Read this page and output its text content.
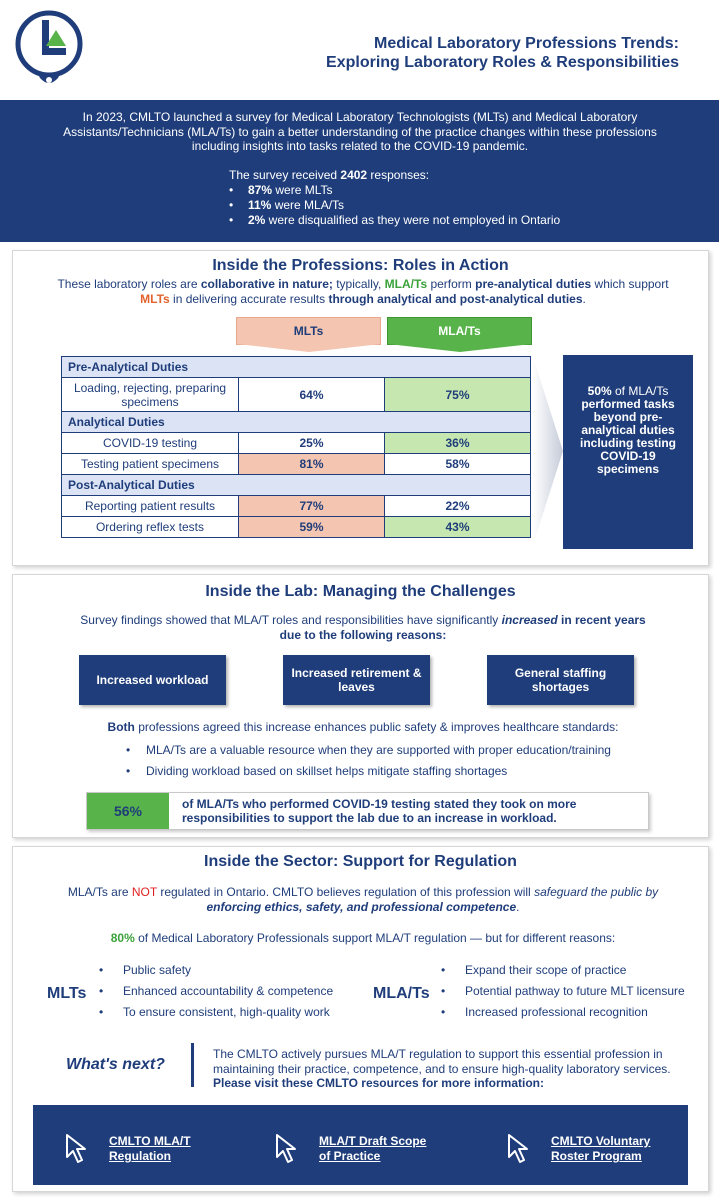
Medical Laboratory Professions Trends:
Exploring Laboratory Roles & Responsibilities

In 2023, CMLTO launched a survey for Medical Laboratory Technologists (MLTs) and Medical Laboratory Assistants/Technicians (MLA/Ts) to gain a better understanding of the practice changes within these professions including insights into tasks related to the COVID-19 pandemic.

The survey received 2402 responses:
• 87% were MLTs
• 11% were MLA/Ts
• 2% were disqualified as they were not employed in Ontario
Inside the Professions: Roles in Action
These laboratory roles are collaborative in nature; typically, MLA/Ts perform pre-analytical duties which support MLTs in delivering accurate results through analytical and post-analytical duties.
MLTs	MLA/Ts
Pre-Analytical Duties		
Loading, rejecting, preparing specimens	64%	75%
Analytical Duties		
COVID-19 testing	25%	36%
Testing patient specimens	81%	58%
Post-Analytical Duties		
Reporting patient results	77%	22%
Ordering reflex tests	59%	43%
50% of MLA/Ts
performed tasks beyond pre-analytical duties including testing COVID-19 specimens
Inside the Lab: Managing the Challenges
Survey findings showed that MLA/T roles and responsibilities have significantly increased in recent years
due to the following reasons:
Increased workload	Increased retirement & leaves
General staffing shortages
Both professions agreed this increase enhances public safety & improves healthcare standards:
• MLA/Ts are a valuable resource when they are supported with proper education/training
• Dividing workload based on skillset helps mitigate staffing shortages
56%	of MLA/Ts who performed COVID-19 testing stated they took on more responsibilities to support the lab due to an increase in workload.
Inside the Sector: Support for Regulation
MLA/Ts are NOT regulated in Ontario. CMLTO believes regulation of this profession will safeguard the public by
enforcing ethics, safety, and professional competence.
80% of Medical Laboratory Professionals support MLA/T regulation — but for different reasons:
MLTs
• Public safety
• Enhanced accountability & competence
• To ensure consistent, high-quality work
MLA/Ts
• Expand their scope of practice
• Potential pathway to future MLT licensure
• Increased professional recognition
What's next?
The CMLTO actively pursues MLA/T regulation to support this essential profession in maintaining their practice, competence, and to ensure high-quality laboratory services. Please visit these CMLTO resources for more information:
CMLTO MLA/T
Regulation
MLA/T Draft Scope
of Practice
CMLTO Voluntary
Roster Program
